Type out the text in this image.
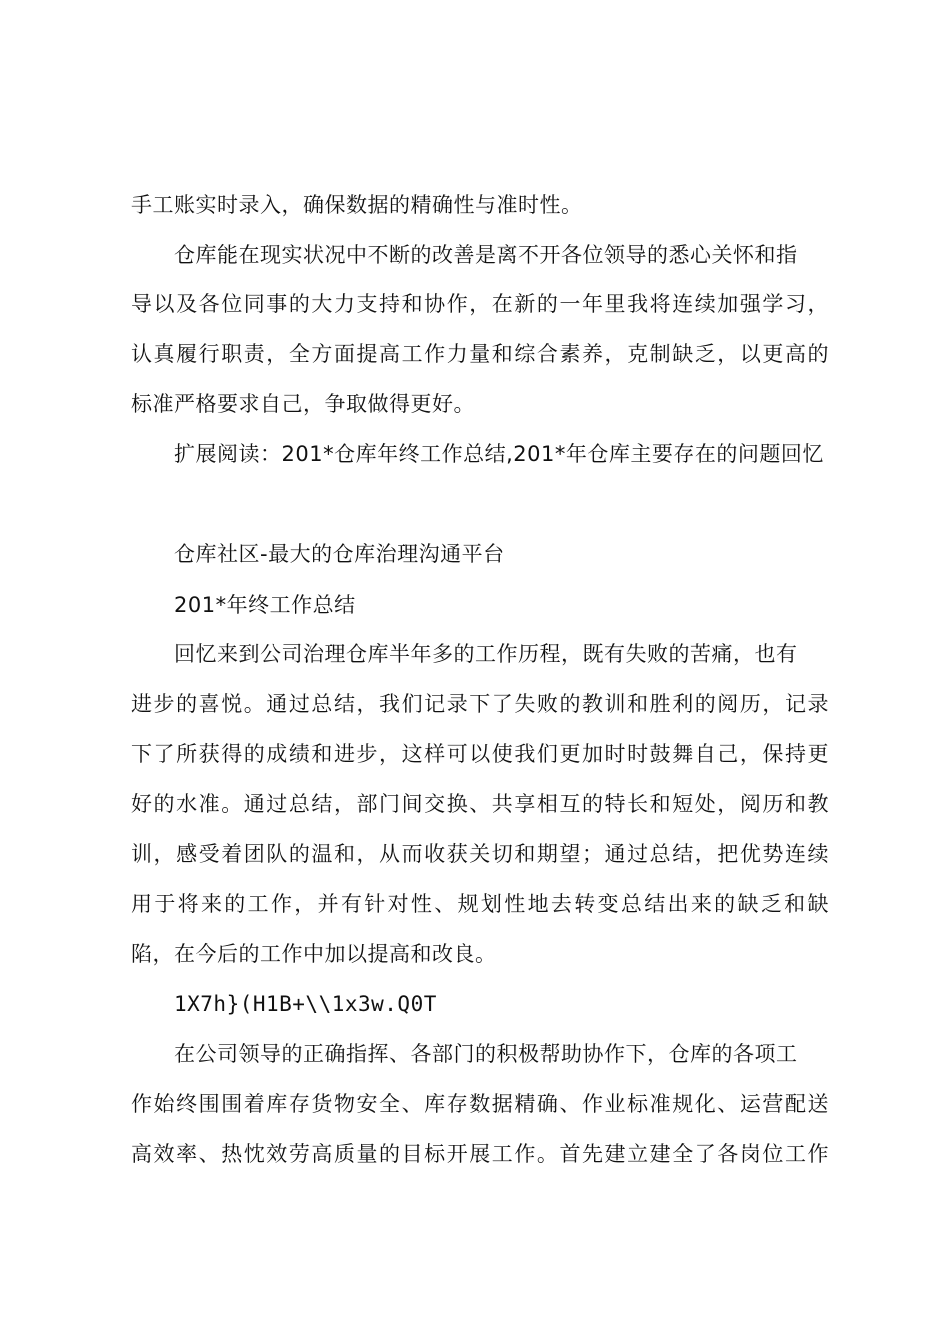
手工账实时录入，确保数据的精确性与准时性。
仓库能在现实状况中不断的改善是离不开各位领导的悉心关怀和指
导以及各位同事的大力支持和协作，在新的一年里我将连续加强学习，
认真履行职责，全方面提高工作力量和综合素养，克制缺乏，以更高的
标准严格要求自己，争取做得更好。
扩展阅读：201*仓库年终工作总结,201*年仓库主要存在的问题回忆
仓库社区-最大的仓库治理沟通平台
201*年终工作总结
回忆来到公司治理仓库半年多的工作历程，既有失败的苦痛，也有
进步的喜悦。通过总结，我们记录下了失败的教训和胜利的阅历，记录
下了所获得的成绩和进步，这样可以使我们更加时时鼓舞自己，保持更
好的水准。通过总结，部门间交换、共享相互的特长和短处，阅历和教
训，感受着团队的温和，从而收获关切和期望；通过总结，把优势连续
用于将来的工作，并有针对性、规划性地去转变总结出来的缺乏和缺
陷，在今后的工作中加以提高和改良。
1X7h}(H1B+\\1x3w.Q0T
在公司领导的正确指挥、各部门的积极帮助协作下，仓库的各项工
作始终围围着库存货物安全、库存数据精确、作业标准规化、运营配送
高效率、热忱效劳高质量的目标开展工作。首先建立建全了各岗位工作
